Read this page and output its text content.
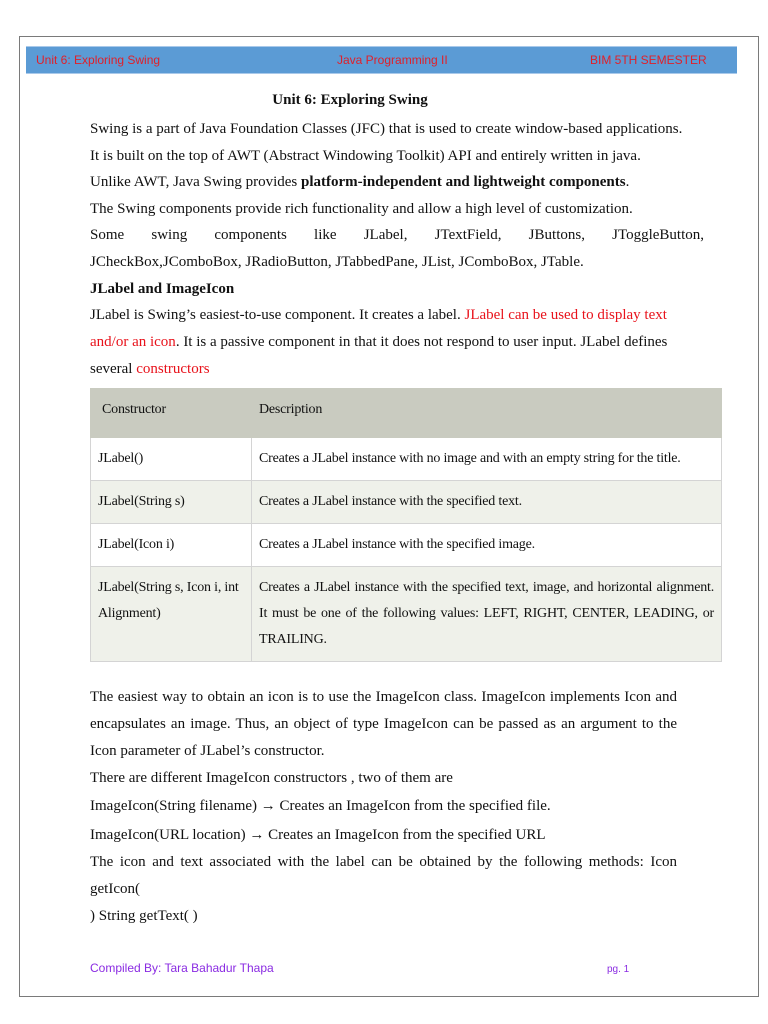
Unit 6: Exploring Swing	Java Programming II	BIM 5TH SEMESTER
Unit 6: Exploring Swing
Swing is a part of Java Foundation Classes (JFC) that is used to create window-based applications.
It is built on the top of AWT (Abstract Windowing Toolkit) API and entirely written in java.
Unlike AWT, Java Swing provides platform-independent and lightweight components.
The Swing components provide rich functionality and allow a high level of customization.
Some swing components like JLabel, JTextField, JButtons, JToggleButton,
JCheckBox,JComboBox, JRadioButton, JTabbedPane, JList, JComboBox, JTable.
JLabel and ImageIcon
JLabel is Swing’s easiest-to-use component. It creates a label. JLabel can be used to display text
and/or an icon. It is a passive component in that it does not respond to user input. JLabel defines
several constructors
Constructor	Description
JLabel()	Creates a JLabel instance with no image and with an empty string for the title.
JLabel(String s)	Creates a JLabel instance with the specified text.
JLabel(Icon i)	Creates a JLabel instance with the specified image.
JLabel(String s, Icon i, int Alignment)	Creates a JLabel instance with the specified text, image, and horizontal alignment. It must be one of the following values: LEFT, RIGHT, CENTER, LEADING, or TRAILING.
The easiest way to obtain an icon is to use the ImageIcon class. ImageIcon implements Icon and
encapsulates an image. Thus, an object of type ImageIcon can be passed as an argument to the
Icon parameter of JLabel’s constructor.
There are different ImageIcon constructors , two of them are
ImageIcon(String filename) → Creates an ImageIcon from the specified file.
ImageIcon(URL location) → Creates an ImageIcon from the specified URL
The icon and text associated with the label can be obtained by the following methods: Icon getIcon(
) String getText( )
Compiled By: Tara Bahadur Thapa	pg. 1
